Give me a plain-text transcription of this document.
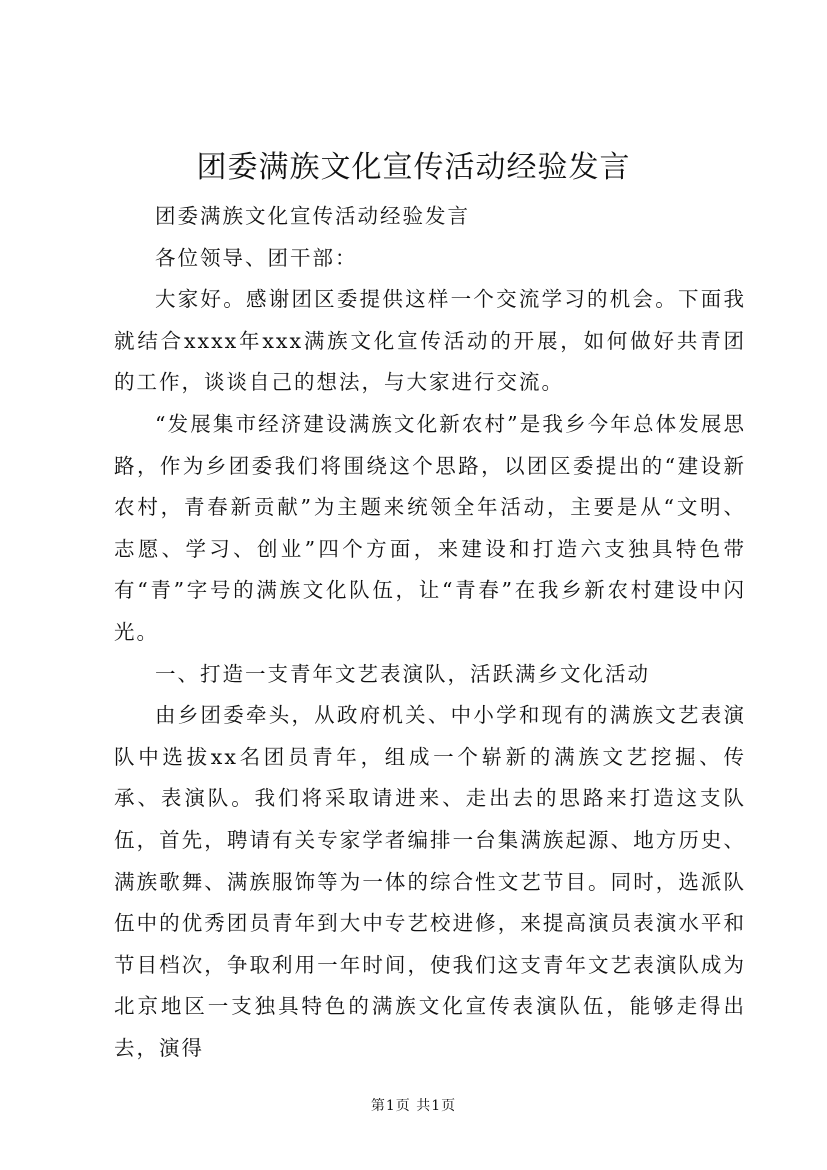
团委满族文化宣传活动经验发言

团委满族文化宣传活动经验发言

各位领导、团干部：

大家好。感谢团区委提供这样一个交流学习的机会。下面我就结合xxxx年xxx满族文化宣传活动的开展，如何做好共青团的工作，谈谈自己的想法，与大家进行交流。

“发展集市经济建设满族文化新农村”是我乡今年总体发展思路，作为乡团委我们将围绕这个思路，以团区委提出的“建设新农村，青春新贡献”为主题来统领全年活动，主要是从“文明、志愿、学习、创业”四个方面，来建设和打造六支独具特色带有“青”字号的满族文化队伍，让“青春”在我乡新农村建设中闪光。

一、打造一支青年文艺表演队，活跃满乡文化活动

由乡团委牵头，从政府机关、中小学和现有的满族文艺表演队中选拔xx名团员青年，组成一个崭新的满族文艺挖掘、传承、表演队。我们将采取请进来、走出去的思路来打造这支队伍，首先，聘请有关专家学者编排一台集满族起源、地方历史、满族歌舞、满族服饰等为一体的综合性文艺节目。同时，选派队伍中的优秀团员青年到大中专艺校进修，来提高演员表演水平和节目档次，争取利用一年时间，使我们这支青年文艺表演队成为北京地区一支独具特色的满族文化宣传表演队伍，能够走得出去，演得

第1页 共1页
